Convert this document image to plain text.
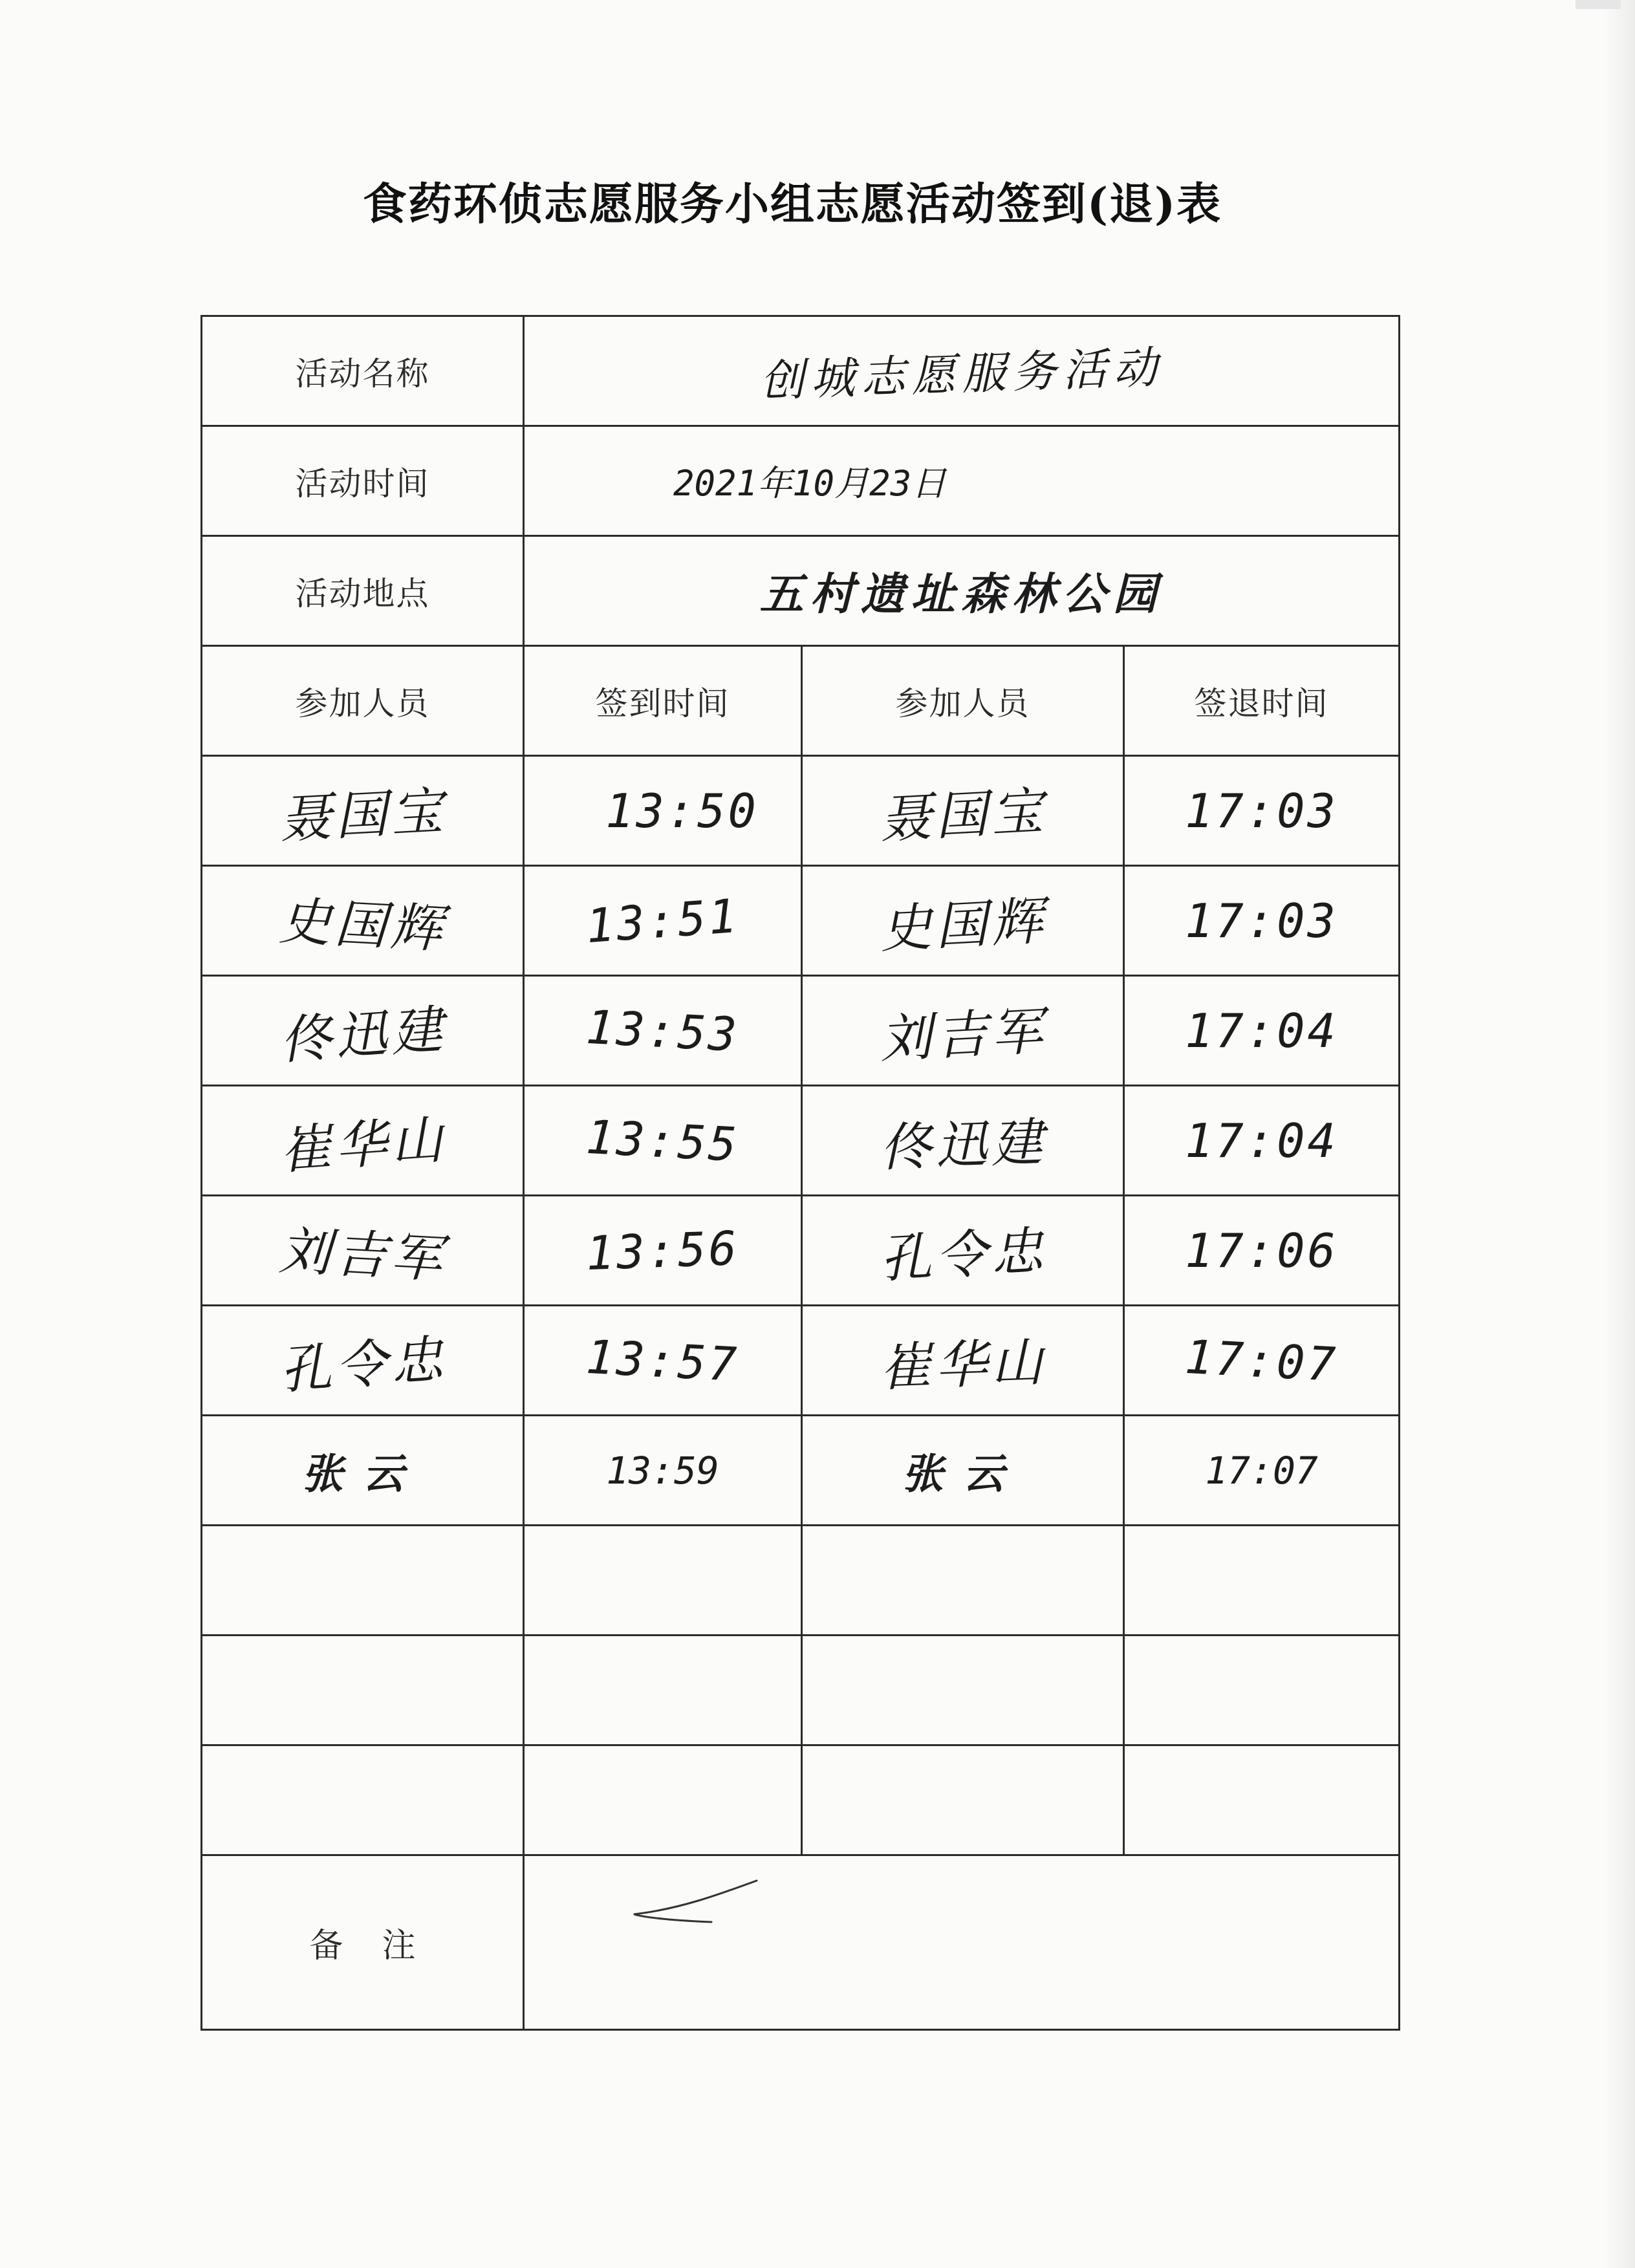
食药环侦志愿服务小组志愿活动签到(退)表
活动名称	创城志愿服务活动		
活动时间	2021年10月23日		
活动地点	五村遗址森林公园		
参加人员	签到时间	参加人员	签退时间
聂国宝	13:50	聂国宝	17:03
史国辉	13:51	史国辉	17:03
佟迅建	13:53	刘吉军	17:04
崔华山	13:55	佟迅建	17:04
刘吉军	13:56	孔令忠	17:06
孔令忠	13:57	崔华山	17:07
张云	13:59	张云	17:07

备注			
